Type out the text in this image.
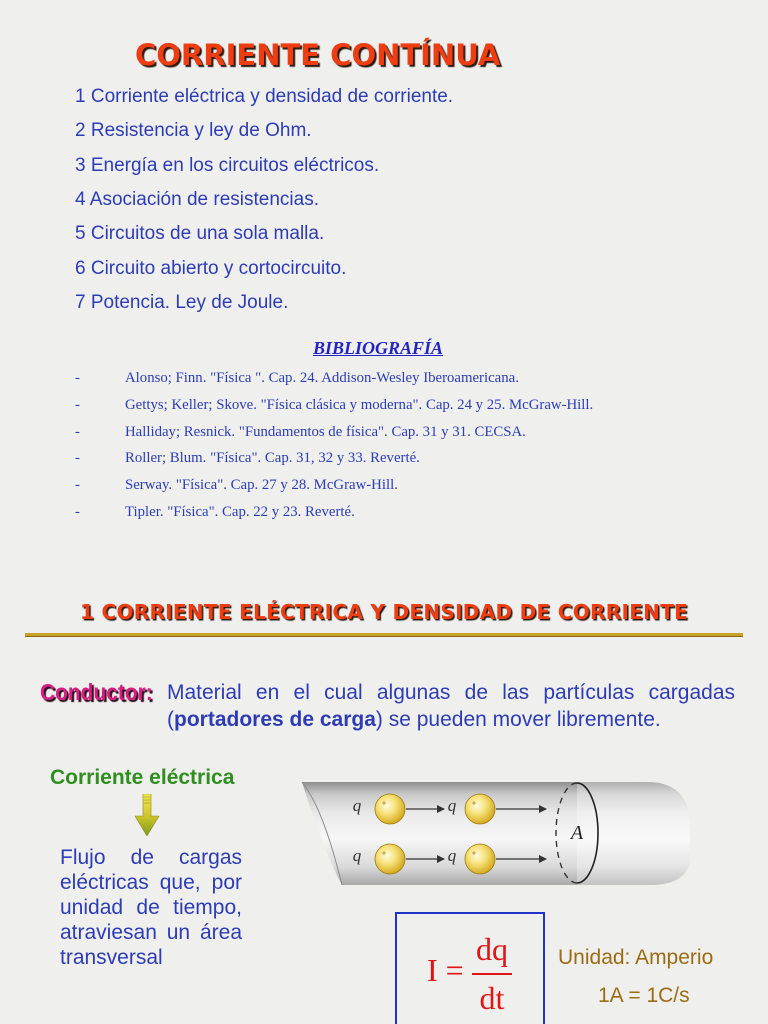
CORRIENTE CONTÍNUA
1 Corriente eléctrica y densidad de corriente.
2 Resistencia y ley de Ohm.
3 Energía en los circuitos eléctricos.
4 Asociación de resistencias.
5 Circuitos de una sola malla.
6 Circuito abierto y cortocircuito.
7 Potencia. Ley de Joule.
BIBLIOGRAFÍA
-	Alonso; Finn. "Física ". Cap. 24. Addison-Wesley Iberoamericana.
-	Gettys; Keller; Skove. "Física clásica y moderna". Cap. 24 y 25. McGraw-Hill.
-	Halliday; Resnick. "Fundamentos de física". Cap. 31 y 31. CECSA.
-	Roller; Blum. "Física". Cap. 31, 32 y 33. Reverté.
-	Serway. "Física". Cap. 27 y 28. McGraw-Hill.
-	Tipler. "Física". Cap. 22 y 23. Reverté.
1 CORRIENTE ELÉCTRICA Y DENSIDAD DE CORRIENTE
Conductor: Material en el cual algunas de las partículas cargadas (portadores de carga) se pueden mover libremente.

Corriente eléctrica

Flujo de cargas eléctricas que, por unidad de tiempo, atraviesan un área transversal

A
q	q
q	q
I =
dq
dt
Unidad: Amperio
1A = 1C/s
